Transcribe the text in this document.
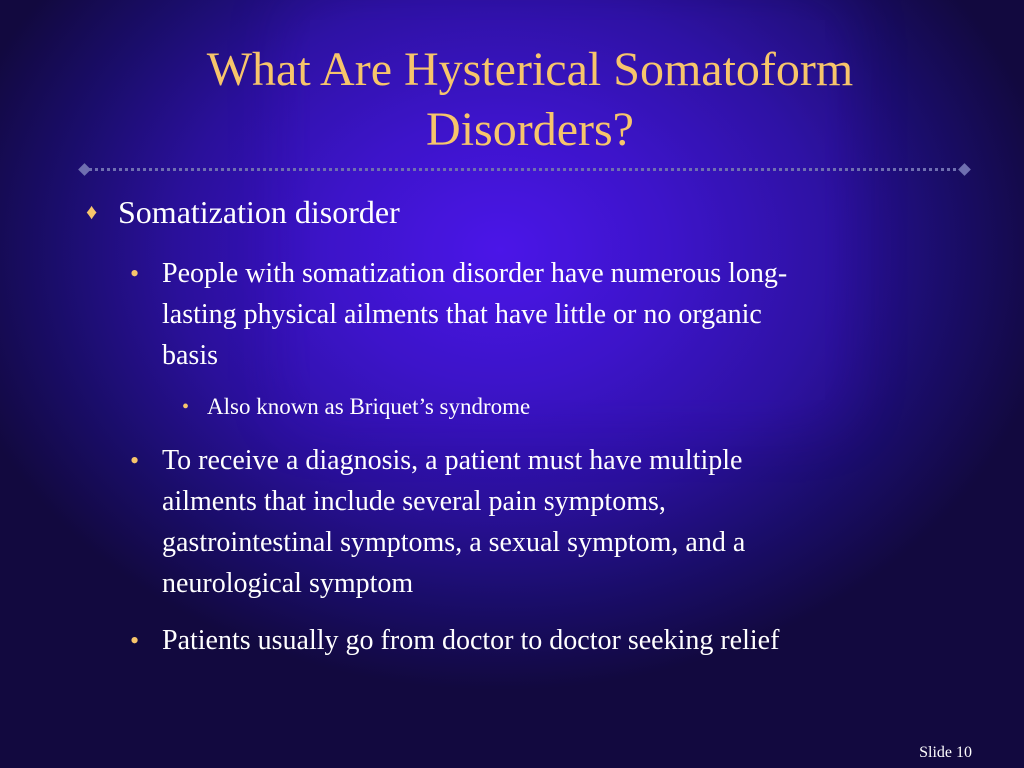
What Are Hysterical Somatoform
Disorders?
♦ Somatization disorder
• People with somatization disorder have numerous long-
lasting physical ailments that have little or no organic
basis
• Also known as Briquet’s syndrome
• To receive a diagnosis, a patient must have multiple
ailments that include several pain symptoms,
gastrointestinal symptoms, a sexual symptom, and a
neurological symptom
• Patients usually go from doctor to doctor seeking relief
Slide 10
